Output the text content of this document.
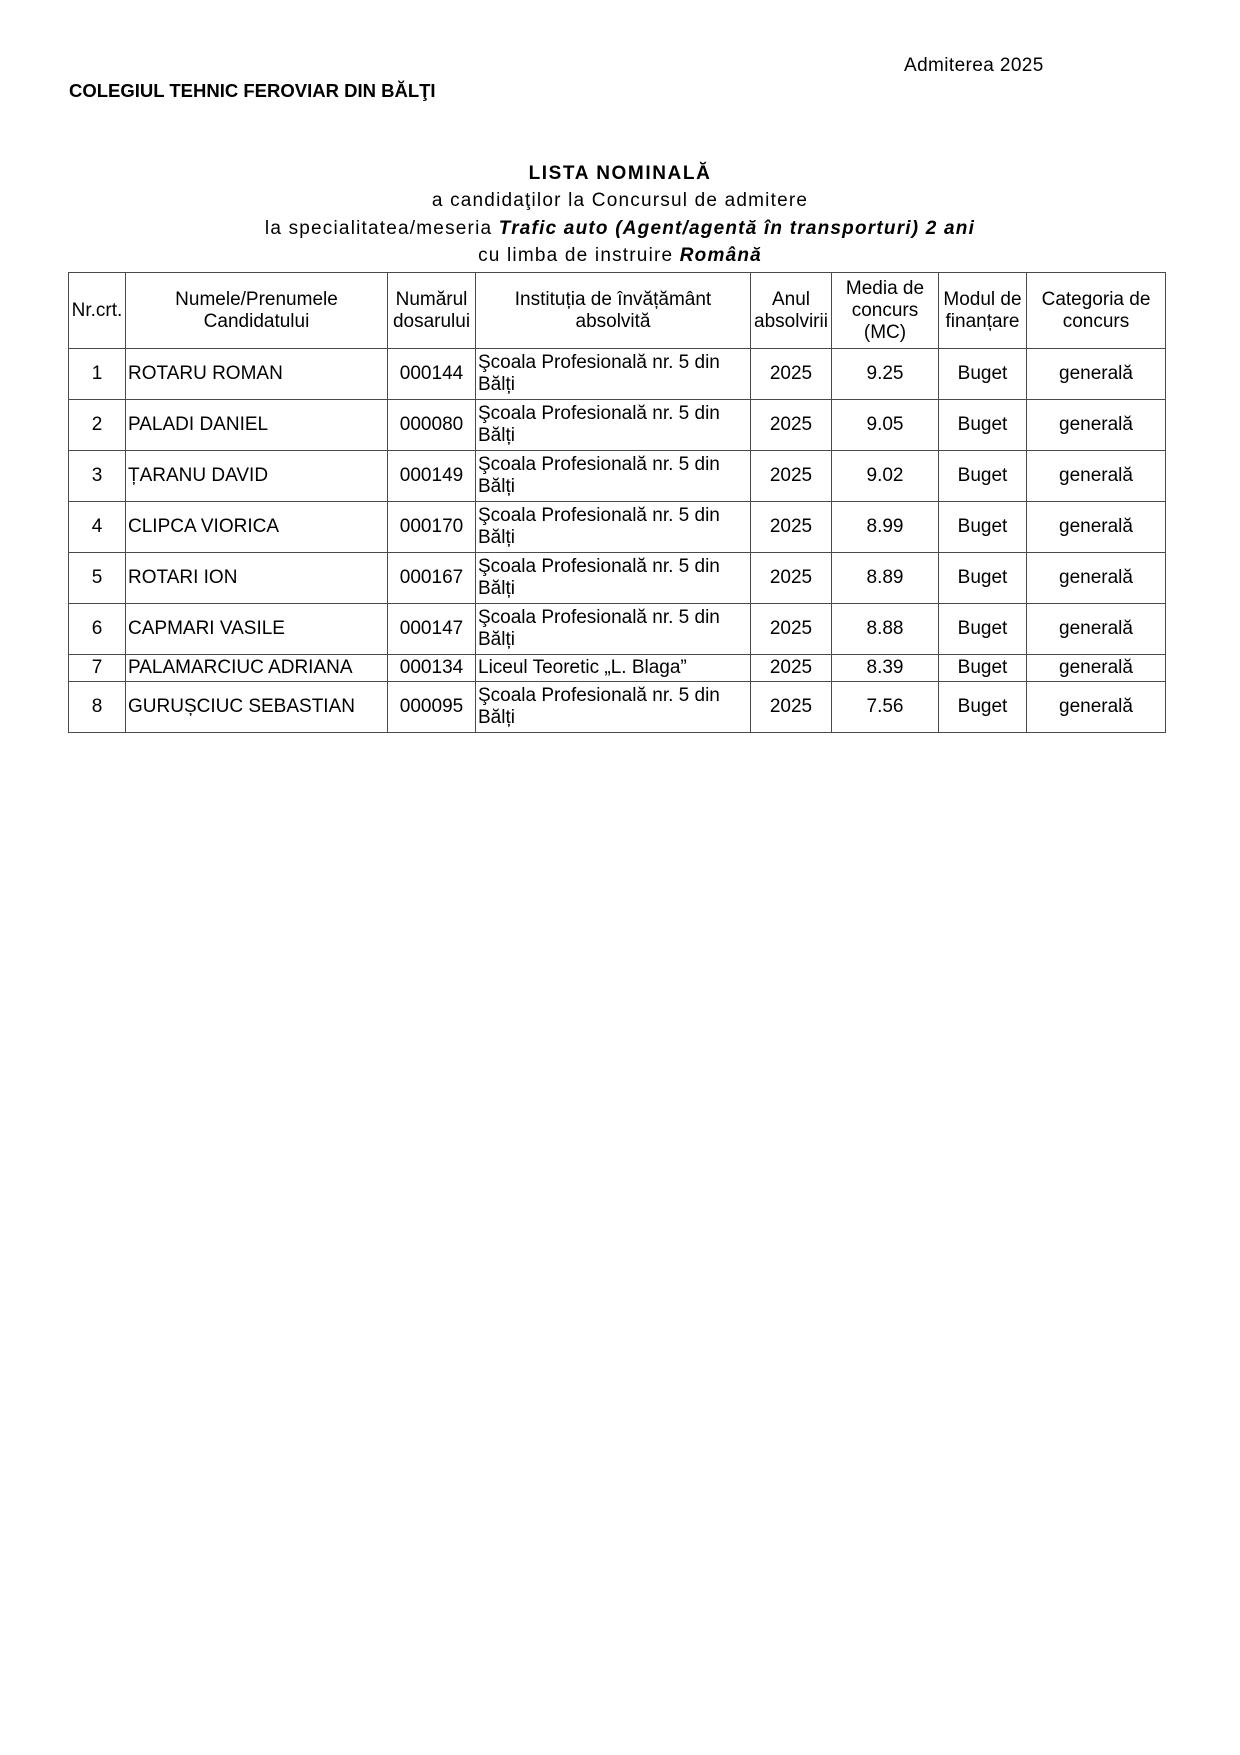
Admiterea 2025
COLEGIUL TEHNIC FEROVIAR DIN BĂLŢI
LISTA NOMINALĂ
a candidaţilor la Concursul de admitere
la specialitatea/meseria Trafic auto (Agent/agentă în transporturi) 2 ani
cu limba de instruire Română
Nr.crt.	Numele/Prenumele Candidatului	Numărul dosarului	Instituția de învățământ absolvită	Anul absolvirii	Media de concurs (MC)	Modul de finanțare	Categoria de concurs
1	ROTARU ROMAN	000144	Şcoala Profesională nr. 5 din Bălți	2025	9.25	Buget	generală
2	PALADI DANIEL	000080	Şcoala Profesională nr. 5 din Bălți	2025	9.05	Buget	generală
3	ȚARANU DAVID	000149	Şcoala Profesională nr. 5 din Bălți	2025	9.02	Buget	generală
4	CLIPCA VIORICA	000170	Şcoala Profesională nr. 5 din Bălți	2025	8.99	Buget	generală
5	ROTARI ION	000167	Şcoala Profesională nr. 5 din Bălți	2025	8.89	Buget	generală
6	CAPMARI VASILE	000147	Şcoala Profesională nr. 5 din Bălți	2025	8.88	Buget	generală
7	PALAMARCIUC ADRIANA	000134	Liceul Teoretic „L. Blaga”	2025	8.39	Buget	generală
8	GURUȘCIUC SEBASTIAN	000095	Şcoala Profesională nr. 5 din Bălți	2025	7.56	Buget	generală
